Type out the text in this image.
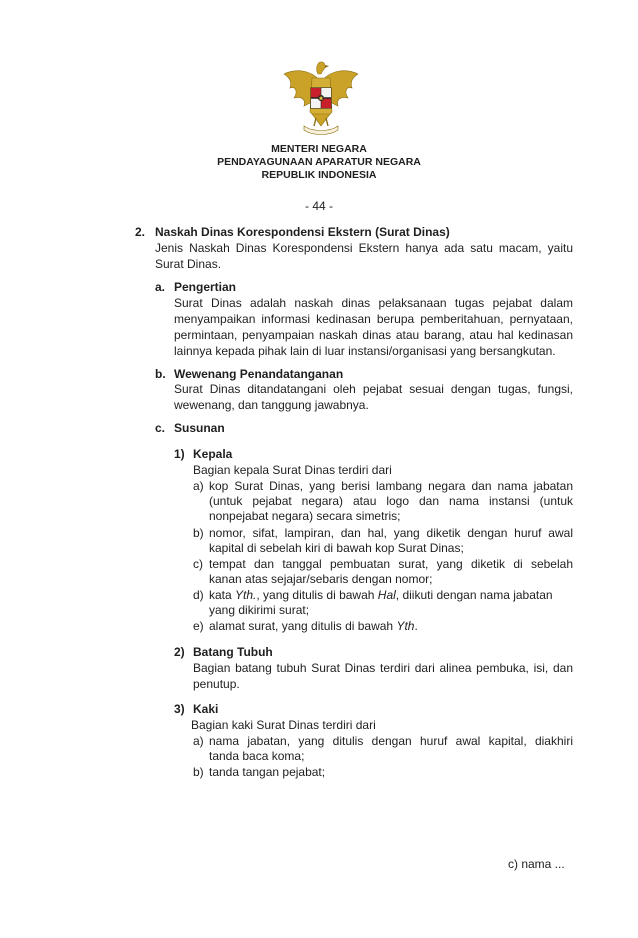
MENTERI NEGARA
PENDAYAGUNAAN APARATUR NEGARA
REPUBLIK INDONESIA
- 44 -
2. Naskah Dinas Korespondensi Ekstern (Surat Dinas)
Jenis Naskah Dinas Korespondensi Ekstern hanya ada satu macam, yaitu
Surat Dinas.
a. Pengertian
Surat Dinas adalah naskah dinas pelaksanaan tugas pejabat dalam
menyampaikan informasi kedinasan berupa pemberitahuan, pernyataan,
permintaan, penyampaian naskah dinas atau barang, atau hal kedinasan
lainnya kepada pihak lain di luar instansi/organisasi yang bersangkutan.
b. Wewenang Penandatanganan
Surat Dinas ditandatangani oleh pejabat sesuai dengan tugas, fungsi,
wewenang, dan tanggung jawabnya.
c. Susunan
1) Kepala
Bagian kepala Surat Dinas terdiri dari
a) kop Surat Dinas, yang berisi lambang negara dan nama jabatan
(untuk pejabat negara) atau logo dan nama instansi (untuk
nonpejabat negara) secara simetris;
b) nomor, sifat, lampiran, dan hal, yang diketik dengan huruf awal
kapital di sebelah kiri di bawah kop Surat Dinas;
c) tempat dan tanggal pembuatan surat, yang diketik di sebelah
kanan atas sejajar/sebaris dengan nomor;
d) kata Yth., yang ditulis di bawah Hal, diikuti dengan nama jabatan
yang dikirimi surat;
e) alamat surat, yang ditulis di bawah Yth.
2) Batang Tubuh
Bagian batang tubuh Surat Dinas terdiri dari alinea pembuka, isi, dan
penutup.
3) Kaki
Bagian kaki Surat Dinas terdiri dari
a) nama jabatan, yang ditulis dengan huruf awal kapital, diakhiri
tanda baca koma;
b) tanda tangan pejabat;
c) nama ...
